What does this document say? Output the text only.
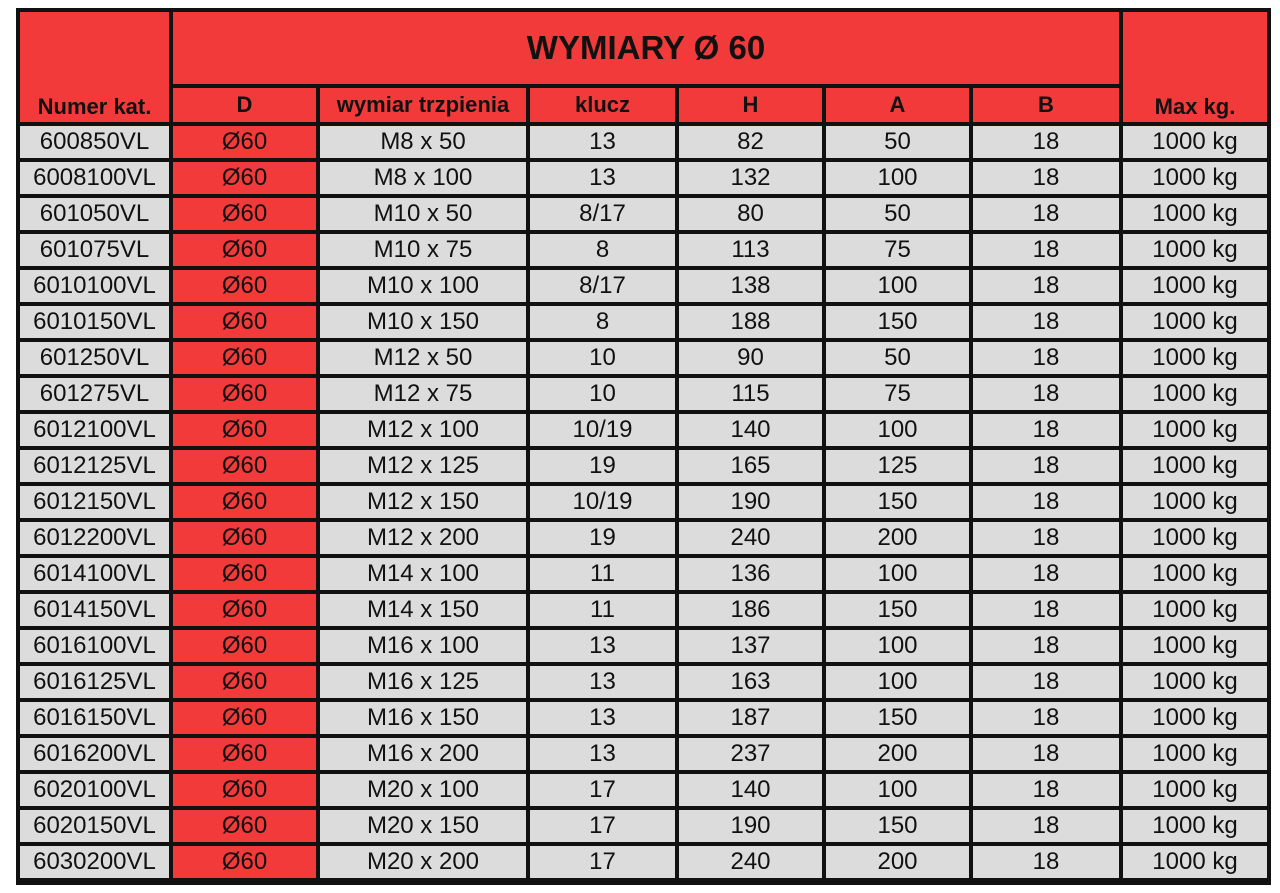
Numer kat.
WYMIARY Ø 60
Max kg.
D	wymiar trzpienia	klucz	H	A	B
600850VL	Ø60	M8 x 50	13	82	50	18	1000 kg
6008100VL	Ø60	M8 x 100	13	132	100	18	1000 kg
601050VL	Ø60	M10 x 50	8/17	80	50	18	1000 kg
601075VL	Ø60	M10 x 75	8	113	75	18	1000 kg
6010100VL	Ø60	M10 x 100	8/17	138	100	18	1000 kg
6010150VL	Ø60	M10 x 150	8	188	150	18	1000 kg
601250VL	Ø60	M12 x 50	10	90	50	18	1000 kg
601275VL	Ø60	M12 x 75	10	115	75	18	1000 kg
6012100VL	Ø60	M12 x 100	10/19	140	100	18	1000 kg
6012125VL	Ø60	M12 x 125	19	165	125	18	1000 kg
6012150VL	Ø60	M12 x 150	10/19	190	150	18	1000 kg
6012200VL	Ø60	M12 x 200	19	240	200	18	1000 kg
6014100VL	Ø60	M14 x 100	11	136	100	18	1000 kg
6014150VL	Ø60	M14 x 150	11	186	150	18	1000 kg
6016100VL	Ø60	M16 x 100	13	137	100	18	1000 kg
6016125VL	Ø60	M16 x 125	13	163	100	18	1000 kg
6016150VL	Ø60	M16 x 150	13	187	150	18	1000 kg
6016200VL	Ø60	M16 x 200	13	237	200	18	1000 kg
6020100VL	Ø60	M20 x 100	17	140	100	18	1000 kg
6020150VL	Ø60	M20 x 150	17	190	150	18	1000 kg
6030200VL	Ø60	M20 x 200	17	240	200	18	1000 kg
